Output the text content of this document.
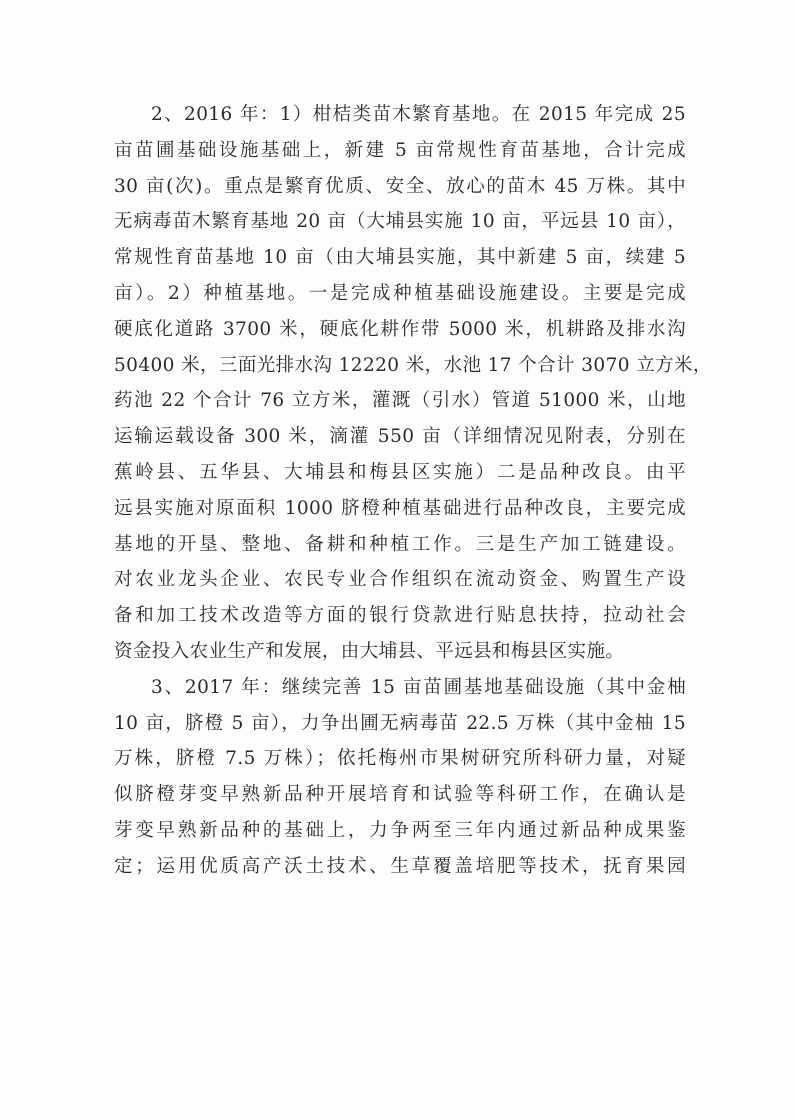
2、2016 年：1）柑桔类苗木繁育基地。在 2015 年完成 25
亩苗圃基础设施基础上，新建 5 亩常规性育苗基地，合计完成
30 亩(次)。重点是繁育优质、安全、放心的苗木 45 万株。其中
无病毒苗木繁育基地 20 亩（大埔县实施 10 亩，平远县 10 亩），
常规性育苗基地 10 亩（由大埔县实施，其中新建 5 亩，续建 5
亩）。2）种植基地。一是完成种植基础设施建设。主要是完成
硬底化道路 3700 米，硬底化耕作带 5000 米，机耕路及排水沟
50400 米，三面光排水沟 12220 米，水池 17 个合计 3070 立方米，
药池 22 个合计 76 立方米，灌溉（引水）管道 51000 米，山地
运输运载设备 300 米，滴灌 550 亩（详细情况见附表，分别在
蕉岭县、五华县、大埔县和梅县区实施）二是品种改良。由平
远县实施对原面积 1000 脐橙种植基础进行品种改良，主要完成
基地的开垦、整地、备耕和种植工作。三是生产加工链建设。
对农业龙头企业、农民专业合作组织在流动资金、购置生产设
备和加工技术改造等方面的银行贷款进行贴息扶持，拉动社会
资金投入农业生产和发展，由大埔县、平远县和梅县区实施。
3、2017 年：继续完善 15 亩苗圃基地基础设施（其中金柚
10 亩，脐橙 5 亩），力争出圃无病毒苗 22.5 万株（其中金柚 15
万株，脐橙 7.5 万株）；依托梅州市果树研究所科研力量，对疑
似脐橙芽变早熟新品种开展培育和试验等科研工作，在确认是
芽变早熟新品种的基础上，力争两至三年内通过新品种成果鉴
定；运用优质高产沃土技术、生草覆盖培肥等技术，抚育果园
